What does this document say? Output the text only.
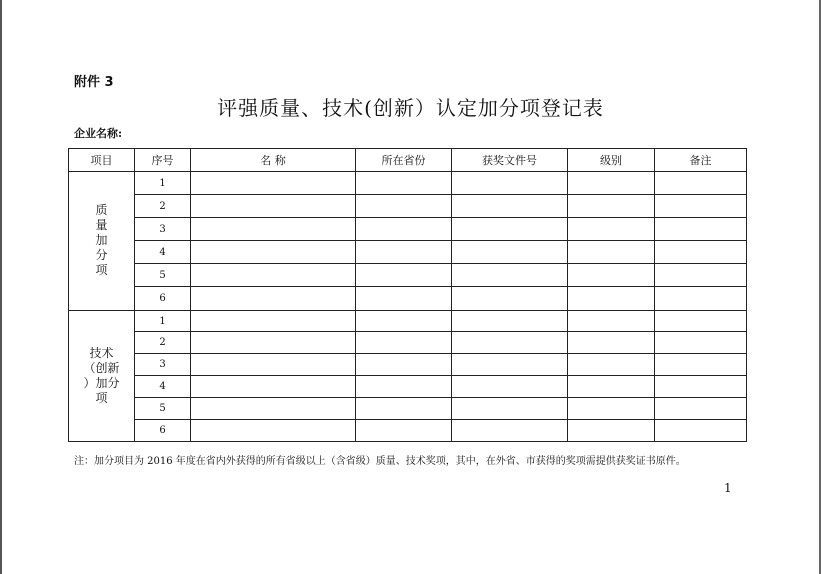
附件 3
评强质量、技术(创新）认定加分项登记表
企业名称:
项目	序号	名 称	所在省份	获奖文件号	级别	备注

质
量
加
分
项	1					
	2					
	3					
	4					
	5					
	6					

技术
（创新
）加分
项	1					
	2					
	3					
	4					
	5					
	6					
注：加分项目为 2016 年度在省内外获得的所有省级以上（含省级）质量、技术奖项，其中，在外省、市获得的奖项需提供获奖证书原件。
1
